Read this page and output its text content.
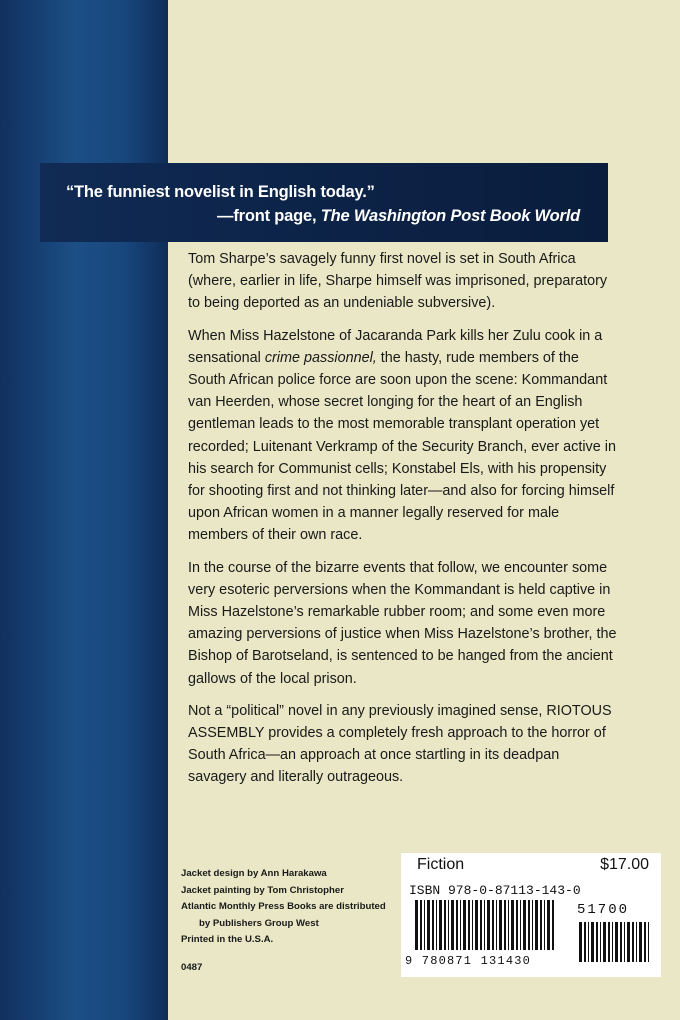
“The funniest novelist in English today.”
—front page, The Washington Post Book World

Tom Sharpe’s savagely funny first novel is set in South Africa (where, earlier in life, Sharpe himself was imprisoned, preparatory to being deported as an undeniable subversive).

When Miss Hazelstone of Jacaranda Park kills her Zulu cook in a sensational crime passionnel, the hasty, rude members of the South African police force are soon upon the scene: Kommandant van Heerden, whose secret longing for the heart of an English gentleman leads to the most memorable transplant operation yet recorded; Luitenant Verkramp of the Security Branch, ever active in his search for Communist cells; Konstabel Els, with his propensity for shooting first and not thinking later—and also for forcing himself upon African women in a manner legally reserved for male members of their own race.

In the course of the bizarre events that follow, we encounter some very esoteric perversions when the Kommandant is held captive in Miss Hazelstone’s remarkable rubber room; and some even more amazing perversions of justice when Miss Hazelstone’s brother, the Bishop of Barotseland, is sentenced to be hanged from the ancient gallows of the local prison.

Not a “political” novel in any previously imagined sense, RIOTOUS ASSEMBLY provides a completely fresh approach to the horror of South Africa—an approach at once startling in its deadpan savagery and literally outrageous.

Jacket design by Ann Harakawa
Jacket painting by Tom Christopher
Atlantic Monthly Press Books are distributed
by Publishers Group West
Printed in the U.S.A.
0487
Fiction	$17.00
ISBN 978-0-87113-143-0
51700
9 780871 131430
